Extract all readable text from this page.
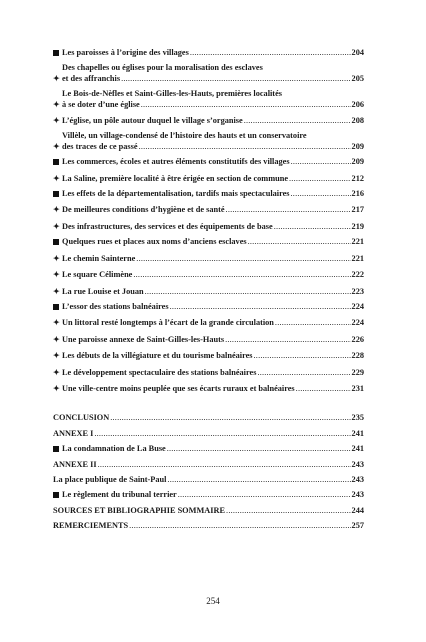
Les paroisses à l’origine des villages .....	204
✦
Des chapelles ou églises pour la moralisation des esclaves
et des affranchis .....	205
✦
Le Bois-de-Nèfles et Saint-Gilles-les-Hauts, premières localités
à se doter d’une église .....	206
✦
L’église, un pôle autour duquel le village s’organise .....	208
✦
Villèle, un village-condensé de l’histoire des hauts et un conservatoire
des traces de ce passé .....	209
Les commerces, écoles et autres éléments constitutifs des villages .....	209
✦
La Saline, première localité à être érigée en section de commune .....	212
Les effets de la départementalisation, tardifs mais spectaculaires .....	216
✦
De meilleures conditions d’hygiène et de santé .....	217
✦
Des infrastructures, des services et des équipements de base .....	219
Quelques rues et places aux noms d’anciens esclaves .....	221
✦
Le chemin Sainterne .....	221
✦
Le square Célimène .....	222
✦
La rue Louise et Jouan .....	223
L’essor des stations balnéaires .....	224
✦
Un littoral resté longtemps à l’écart de la grande circulation .....	224
✦
Une paroisse annexe de Saint-Gilles-les-Hauts .....	226
✦
Les débuts de la villégiature et du tourisme balnéaires .....	228
✦
Le développement spectaculaire des stations balnéaires .....	229
✦
Une ville-centre moins peuplée que ses écarts ruraux et balnéaires .....	231
CONCLUSION .....	235
ANNEXE I .....	241
La condamnation de La Buse .....	241
ANNEXE II .....	243
La place publique de Saint-Paul .....	243
Le règlement du tribunal terrier .....	243
SOURCES ET BIBLIOGRAPHIE SOMMAIRE .....	244
REMERCIEMENTS .....	257
254
